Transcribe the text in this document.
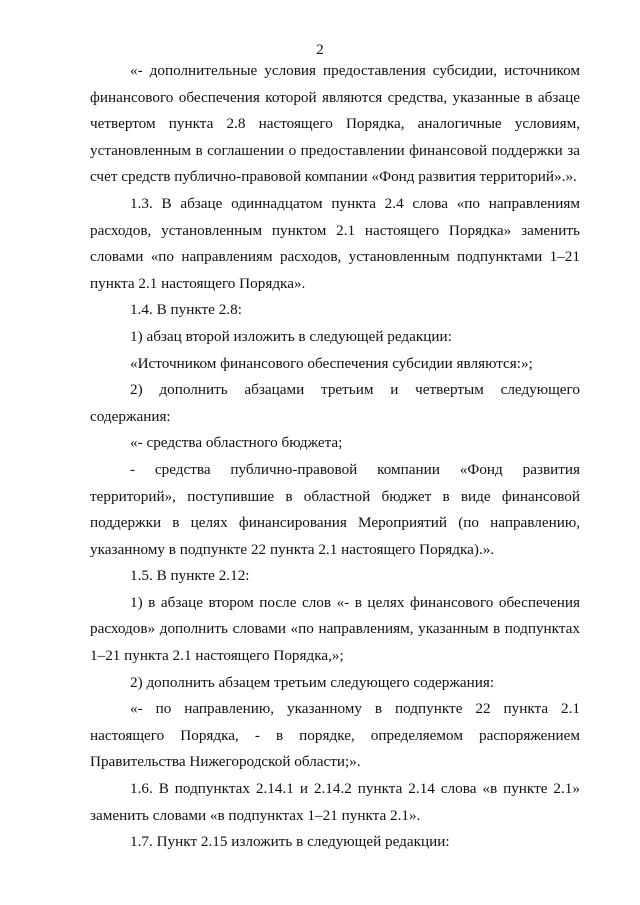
2

«- дополнительные условия предоставления субсидии, источником финансового обеспечения которой являются средства, указанные в абзаце четвертом пункта 2.8 настоящего Порядка, аналогичные условиям, установленным в соглашении о предоставлении финансовой поддержки за счет средств публично-правовой компании «Фонд развития территорий».».

1.3. В абзаце одиннадцатом пункта 2.4 слова «по направлениям расходов, установленным пунктом 2.1 настоящего Порядка» заменить словами «по направлениям расходов, установленным подпунктами 1–21 пункта 2.1 настоящего Порядка».

1.4. В пункте 2.8:

1) абзац второй изложить в следующей редакции:

«Источником финансового обеспечения субсидии являются:»;

2) дополнить абзацами третьим и четвертым следующего содержания:

«- средства областного бюджета;

- средства публично-правовой компании «Фонд развития территорий», поступившие в областной бюджет в виде финансовой поддержки в целях финансирования Мероприятий (по направлению, указанному в подпункте 22 пункта 2.1 настоящего Порядка).».

1.5. В пункте 2.12:

1) в абзаце втором после слов «- в целях финансового обеспечения расходов» дополнить словами «по направлениям, указанным в подпунктах 1–21 пункта 2.1 настоящего Порядка,»;

2) дополнить абзацем третьим следующего содержания:

«- по направлению, указанному в подпункте 22 пункта 2.1 настоящего Порядка, - в порядке, определяемом распоряжением Правительства Нижегородской области;».

1.6. В подпунктах 2.14.1 и 2.14.2 пункта 2.14 слова «в пункте 2.1» заменить словами «в подпунктах 1–21 пункта 2.1».

1.7. Пункт 2.15 изложить в следующей редакции:
